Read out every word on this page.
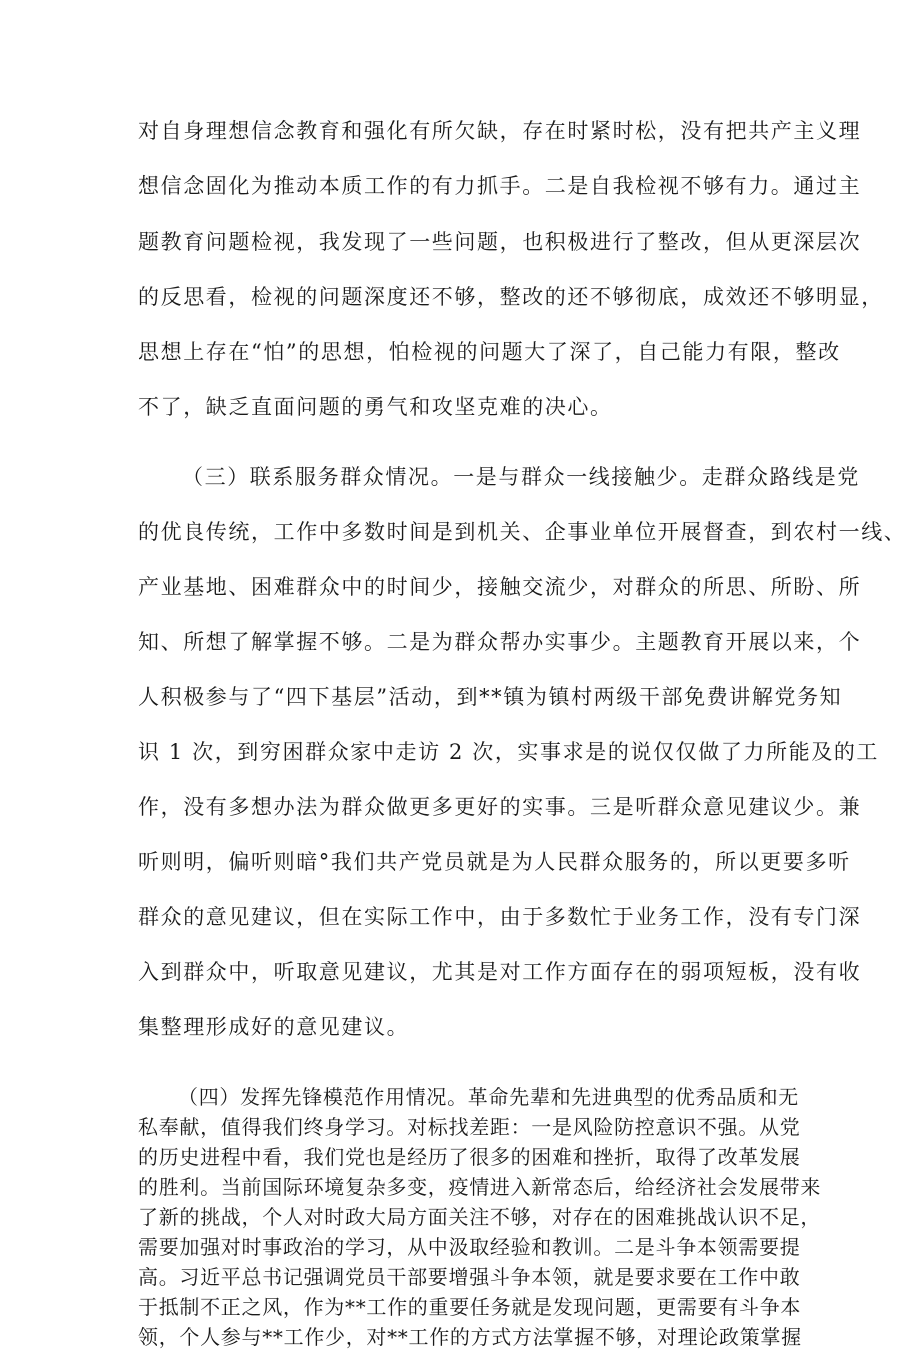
对自身理想信念教育和强化有所欠缺，存在时紧时松，没有把共产主义理

想信念固化为推动本质工作的有力抓手。二是自我检视不够有力。通过主

题教育问题检视，我发现了一些问题，也积极进行了整改，但从更深层次

的反思看，检视的问题深度还不够，整改的还不够彻底，成效还不够明显，

思想上存在“怕”的思想，怕检视的问题大了深了，自己能力有限，整改

不了，缺乏直面问题的勇气和攻坚克难的决心。

（三）联系服务群众情况。一是与群众一线接触少。走群众路线是党

的优良传统，工作中多数时间是到机关、企事业单位开展督查，到农村一线、

产业基地、困难群众中的时间少，接触交流少，对群众的所思、所盼、所

知、所想了解掌握不够。二是为群众帮办实事少。主题教育开展以来，个

人积极参与了“四下基层”活动，到**镇为镇村两级干部免费讲解党务知

识 1 次，到穷困群众家中走访 2 次，实事求是的说仅仅做了力所能及的工

作，没有多想办法为群众做更多更好的实事。三是听群众意见建议少。兼

听则明，偏听则暗°我们共产党员就是为人民群众服务的，所以更要多听

群众的意见建议，但在实际工作中，由于多数忙于业务工作，没有专门深

入到群众中，听取意见建议，尤其是对工作方面存在的弱项短板，没有收

集整理形成好的意见建议。

（四）发挥先锋模范作用情况。革命先辈和先进典型的优秀品质和无

私奉献，值得我们终身学习。对标找差距：一是风险防控意识不强。从党

的历史进程中看，我们党也是经历了很多的困难和挫折，取得了改革发展

的胜利。当前国际环境复杂多变，疫情进入新常态后，给经济社会发展带来

了新的挑战，个人对时政大局方面关注不够，对存在的困难挑战认识不足，

需要加强对时事政治的学习，从中汲取经验和教训。二是斗争本领需要提

高。习近平总书记强调党员干部要增强斗争本领，就是要求要在工作中敢

于抵制不正之风，作为**工作的重要任务就是发现问题，更需要有斗争本

领，个人参与**工作少，对**工作的方式方法掌握不够，对理论政策掌握
